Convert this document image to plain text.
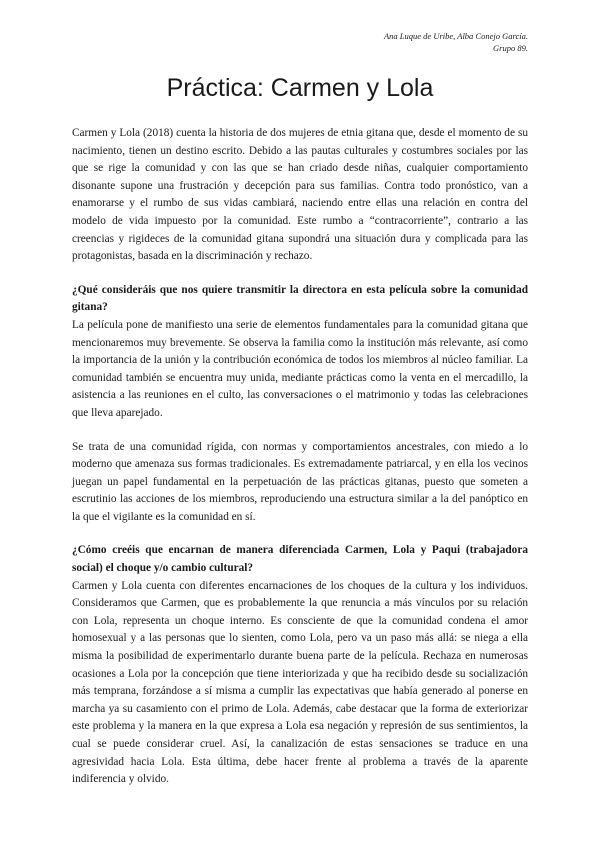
Ana Luque de Uribe, Alba Conejo García.
Grupo 89.
Práctica: Carmen y Lola

Carmen y Lola (2018) cuenta la historia de dos mujeres de etnia gitana que, desde el momento de su nacimiento, tienen un destino escrito. Debido a las pautas culturales y costumbres sociales por las que se rige la comunidad y con las que se han criado desde niñas, cualquier comportamiento disonante supone una frustración y decepción para sus familias. Contra todo pronóstico, van a enamorarse y el rumbo de sus vidas cambiará, naciendo entre ellas una relación en contra del modelo de vida impuesto por la comunidad. Este rumbo a “contracorriente”, contrario a las creencias y rigideces de la comunidad gitana supondrá una situación dura y complicada para las protagonistas, basada en la discriminación y rechazo.

¿Qué consideráis que nos quiere transmitir la directora en esta película sobre la comunidad gitana?

La película pone de manifiesto una serie de elementos fundamentales para la comunidad gitana que mencionaremos muy brevemente. Se observa la familia como la institución más relevante, así como la importancia de la unión y la contribución económica de todos los miembros al núcleo familiar. La comunidad también se encuentra muy unida, mediante prácticas como la venta en el mercadillo, la asistencia a las reuniones en el culto, las conversaciones o el matrimonio y todas las celebraciones que lleva aparejado.

Se trata de una comunidad rígida, con normas y comportamientos ancestrales, con miedo a lo moderno que amenaza sus formas tradicionales. Es extremadamente patriarcal, y en ella los vecinos juegan un papel fundamental en la perpetuación de las prácticas gitanas, puesto que someten a escrutinio las acciones de los miembros, reproduciendo una estructura similar a la del panóptico en la que el vigilante es la comunidad en sí.

¿Cómo creéis que encarnan de manera diferenciada Carmen, Lola y Paqui (trabajadora social) el choque y/o cambio cultural?

Carmen y Lola cuenta con diferentes encarnaciones de los choques de la cultura y los individuos. Consideramos que Carmen, que es probablemente la que renuncia a más vínculos por su relación con Lola, representa un choque interno. Es consciente de que la comunidad condena el amor homosexual y a las personas que lo sienten, como Lola, pero va un paso más allá: se niega a ella misma la posibilidad de experimentarlo durante buena parte de la película. Rechaza en numerosas ocasiones a Lola por la concepción que tiene interiorizada y que ha recibido desde su socialización más temprana, forzándose a sí misma a cumplir las expectativas que había generado al ponerse en marcha ya su casamiento con el primo de Lola. Además, cabe destacar que la forma de exteriorizar este problema y la manera en la que expresa a Lola esa negación y represión de sus sentimientos, la cual se puede considerar cruel. Así, la canalización de estas sensaciones se traduce en una agresividad hacia Lola. Esta última, debe hacer frente al problema a través de la aparente indiferencia y olvido.
